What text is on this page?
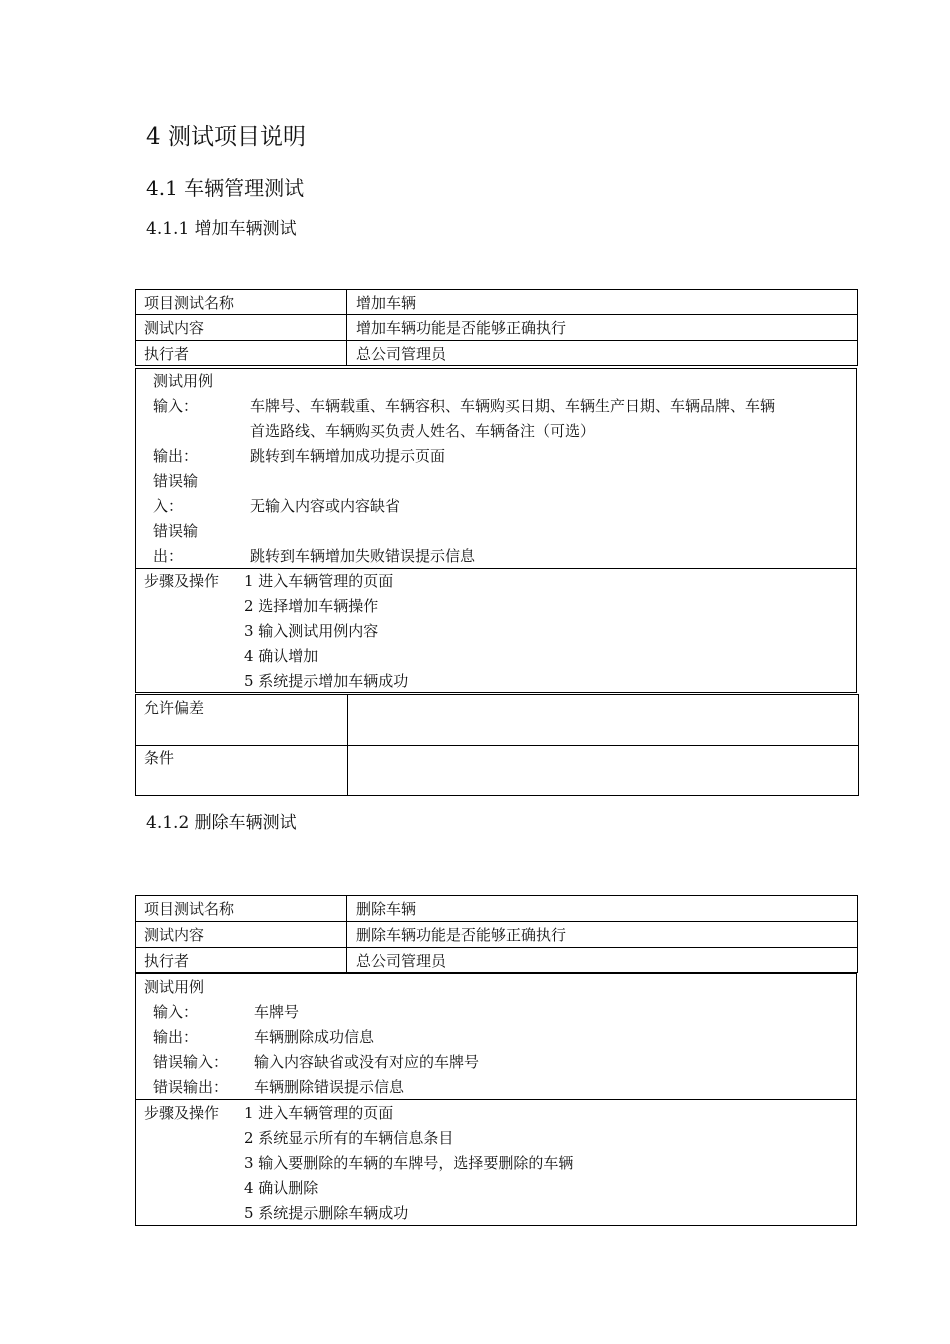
4 测试项目说明
4.1 车辆管理测试
4.1.1 增加车辆测试
项目测试名称	增加车辆
测试内容	增加车辆功能是否能够正确执行
执行者	总公司管理员
测试用例
输入：	车牌号、车辆载重、车辆容积、车辆购买日期、车辆生产日期、车辆品牌、车辆
首选路线、车辆购买负责人姓名、车辆备注（可选）
输出：	跳转到车辆增加成功提示页面
错误输
入：	无输入内容或内容缺省
错误输
出：	跳转到车辆增加失败错误提示信息
步骤及操作 1 进入车辆管理的页面
2 选择增加车辆操作
3 输入测试用例内容
4 确认增加
5 系统提示增加车辆成功
允许偏差
条件
4.1.2 删除车辆测试
项目测试名称	删除车辆
测试内容	删除车辆功能是否能够正确执行
执行者	总公司管理员
测试用例
输入：	车牌号
输出：	车辆删除成功信息
错误输入： 输入内容缺省或没有对应的车牌号
错误输出： 车辆删除错误提示信息
步骤及操作 1 进入车辆管理的页面
2 系统显示所有的车辆信息条目
3 输入要删除的车辆的车牌号，选择要删除的车辆
4 确认删除
5 系统提示删除车辆成功
